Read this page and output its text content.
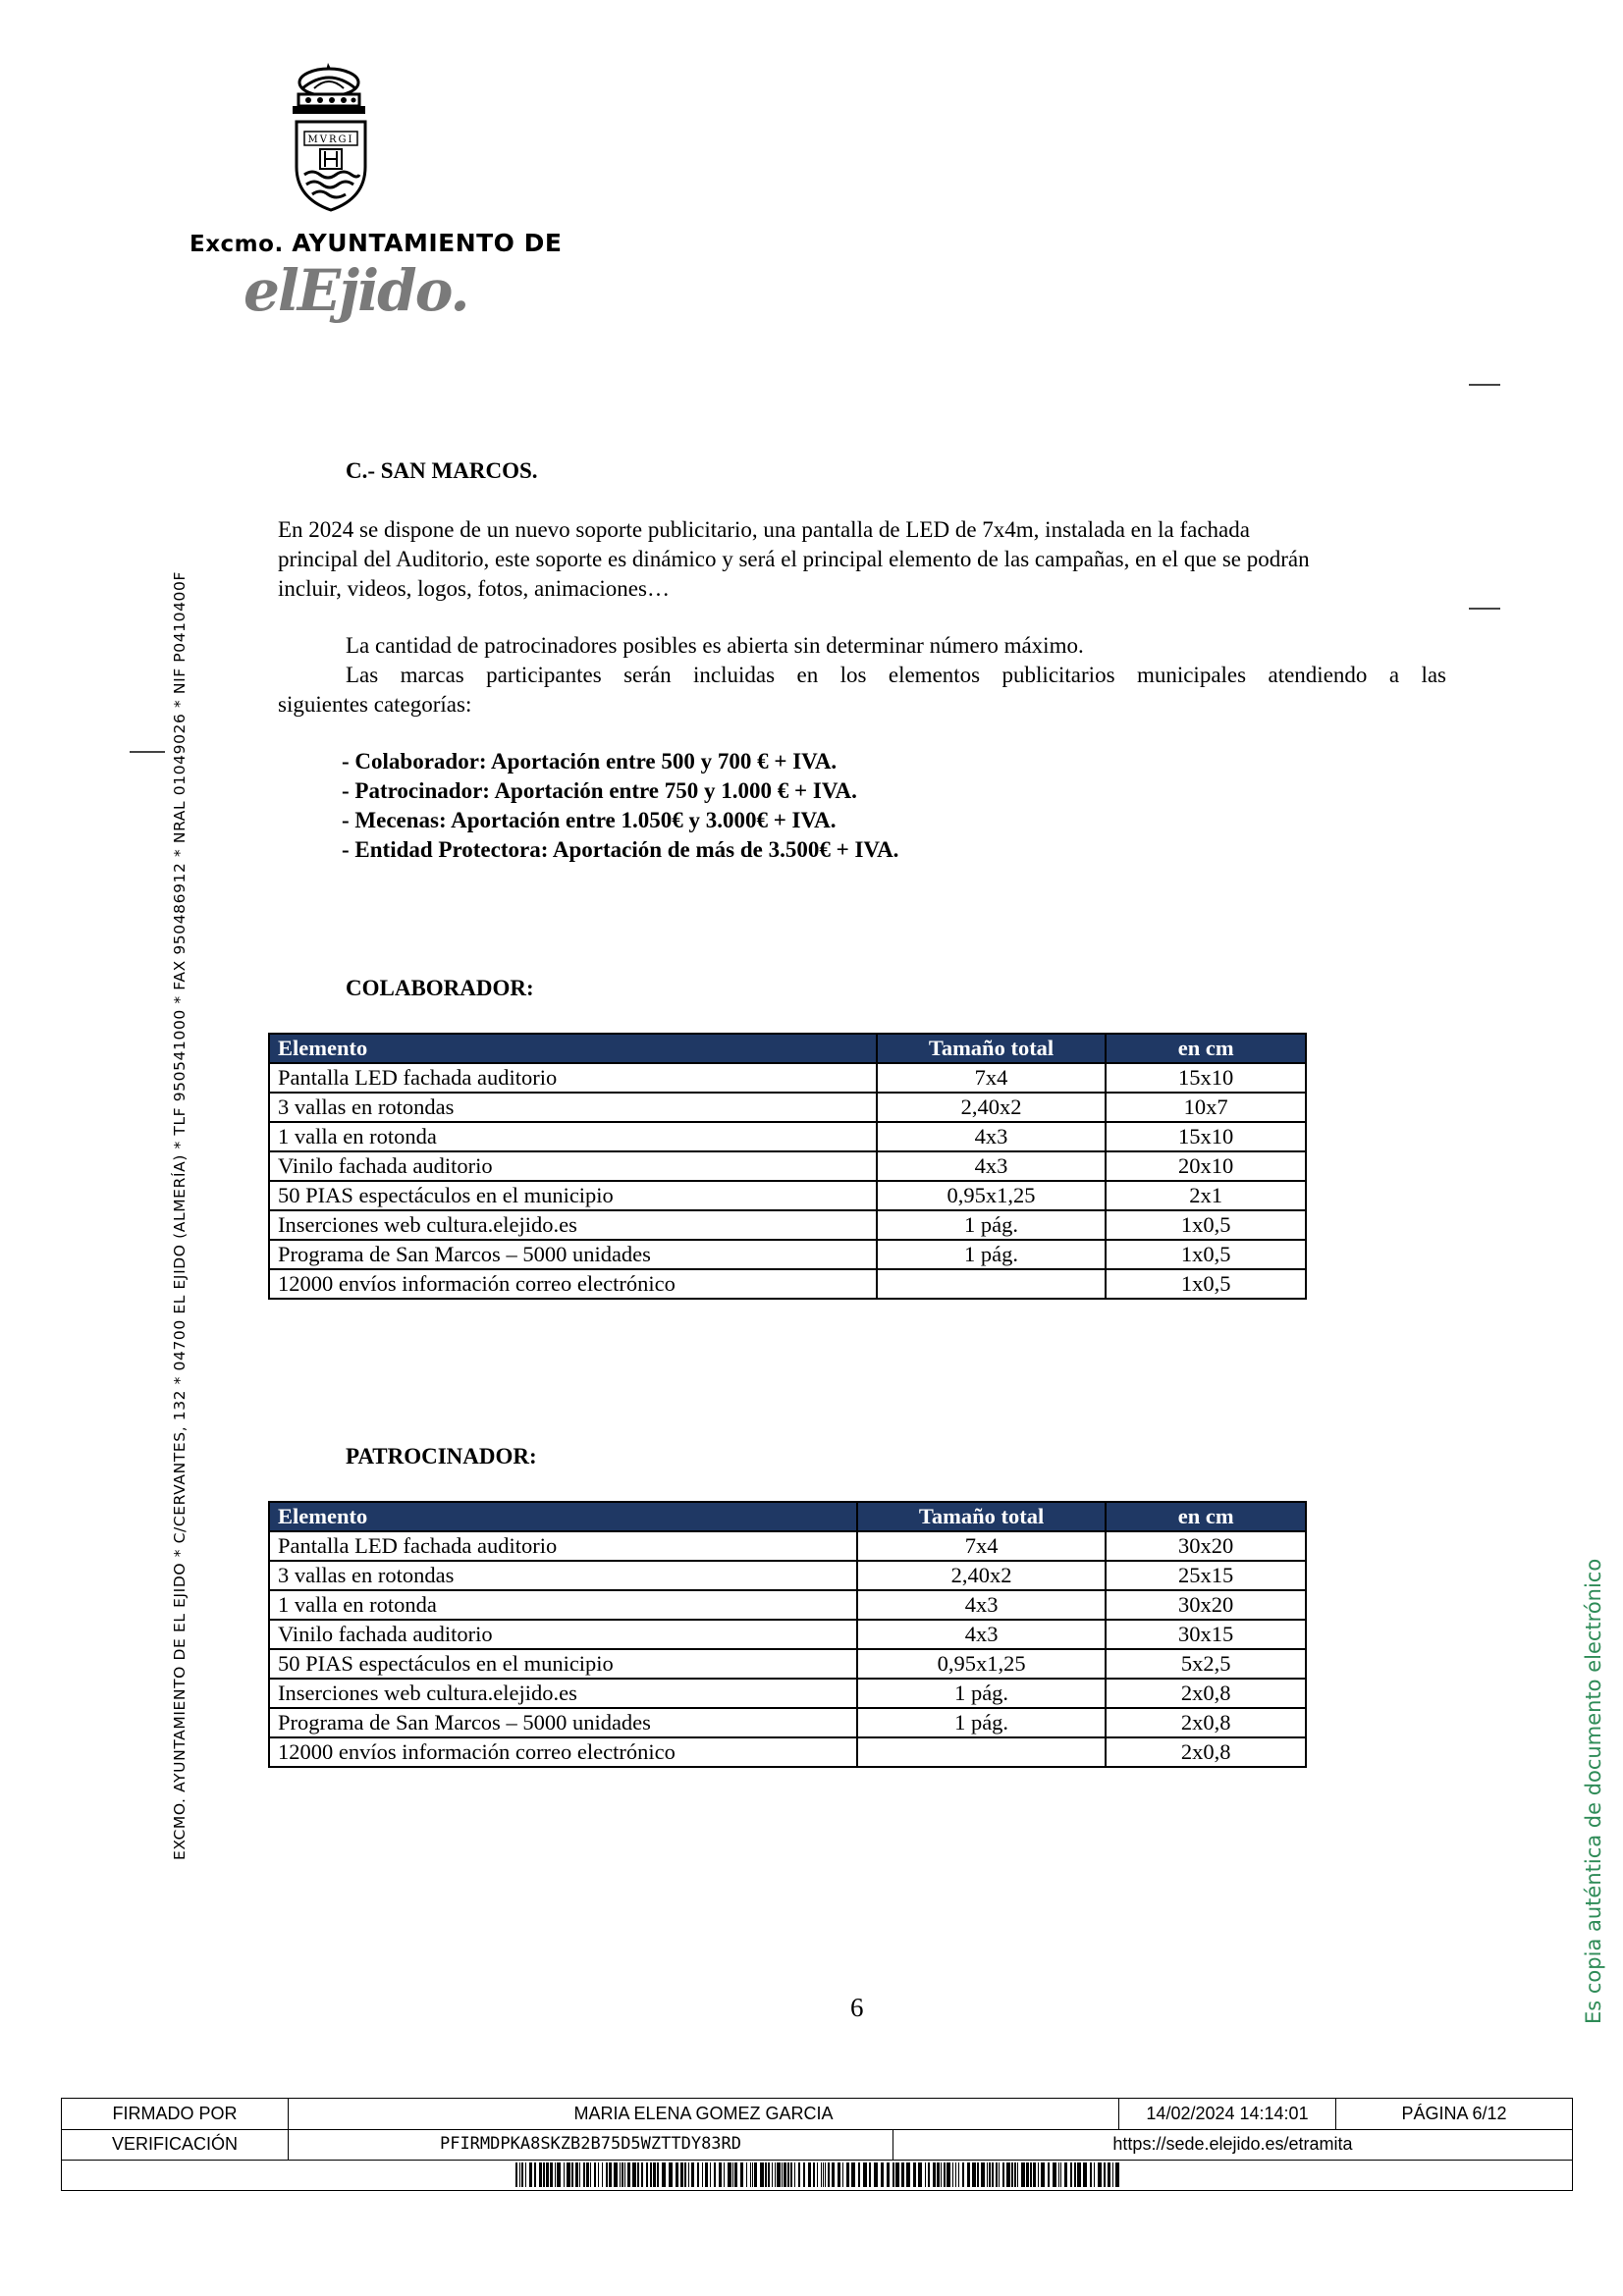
MVRGI
Excmo. AYUNTAMIENTO DE
elEjido.
EXCMO. AYUNTAMIENTO DE EL EJIDO * C/CERVANTES, 132 * 04700 EL EJIDO (ALMERÍA) * TLF 950541000 * FAX 950486912 * NRAL 01049026 * NIF P0410400F	Es copia auténtica de documento electrónico
C.- SAN MARCOS.
En 2024 se dispone de un nuevo soporte publicitario, una pantalla de LED de 7x4m, instalada en la fachada
principal del Auditorio, este soporte es dinámico y será el principal elemento de las campañas, en el que se podrán
incluir, videos, logos, fotos, animaciones…
La cantidad de patrocinadores posibles es abierta sin determinar número máximo.
Las marcas participantes serán incluidas en los elementos publicitarios municipales atendiendo a las
siguientes categorías:
- Colaborador: Aportación entre 500 y 700 € + IVA.
- Patrocinador: Aportación entre 750 y 1.000 € + IVA.
- Mecenas: Aportación entre 1.050€ y 3.000€ + IVA.
- Entidad Protectora: Aportación de más de 3.500€ + IVA.
COLABORADOR:
Elemento	Tamaño total	en cm
Pantalla LED fachada auditorio	7x4	15x10
3 vallas en rotondas	2,40x2	10x7
1 valla en rotonda	4x3	15x10
Vinilo fachada auditorio	4x3	20x10
50 PIAS espectáculos en el municipio	0,95x1,25	2x1
Inserciones web cultura.elejido.es	1 pág.	1x0,5
Programa de San Marcos – 5000 unidades	1 pág.	1x0,5
12000 envíos información correo electrónico		1x0,5
PATROCINADOR:
Elemento	Tamaño total	en cm
Pantalla LED fachada auditorio	7x4	30x20
3 vallas en rotondas	2,40x2	25x15
1 valla en rotonda	4x3	30x20
Vinilo fachada auditorio	4x3	30x15
50 PIAS espectáculos en el municipio	0,95x1,25	5x2,5
Inserciones web cultura.elejido.es	1 pág.	2x0,8
Programa de San Marcos – 5000 unidades	1 pág.	2x0,8
12000 envíos información correo electrónico		2x0,8
6
FIRMADO POR	MARIA ELENA GOMEZ GARCIA	14/02/2024 14:14:01	PÁGINA 6/12
VERIFICACIÓN	PFIRMDPKA8SKZB2B75D5WZTTDY83RD	https://sede.elejido.es/etramita
